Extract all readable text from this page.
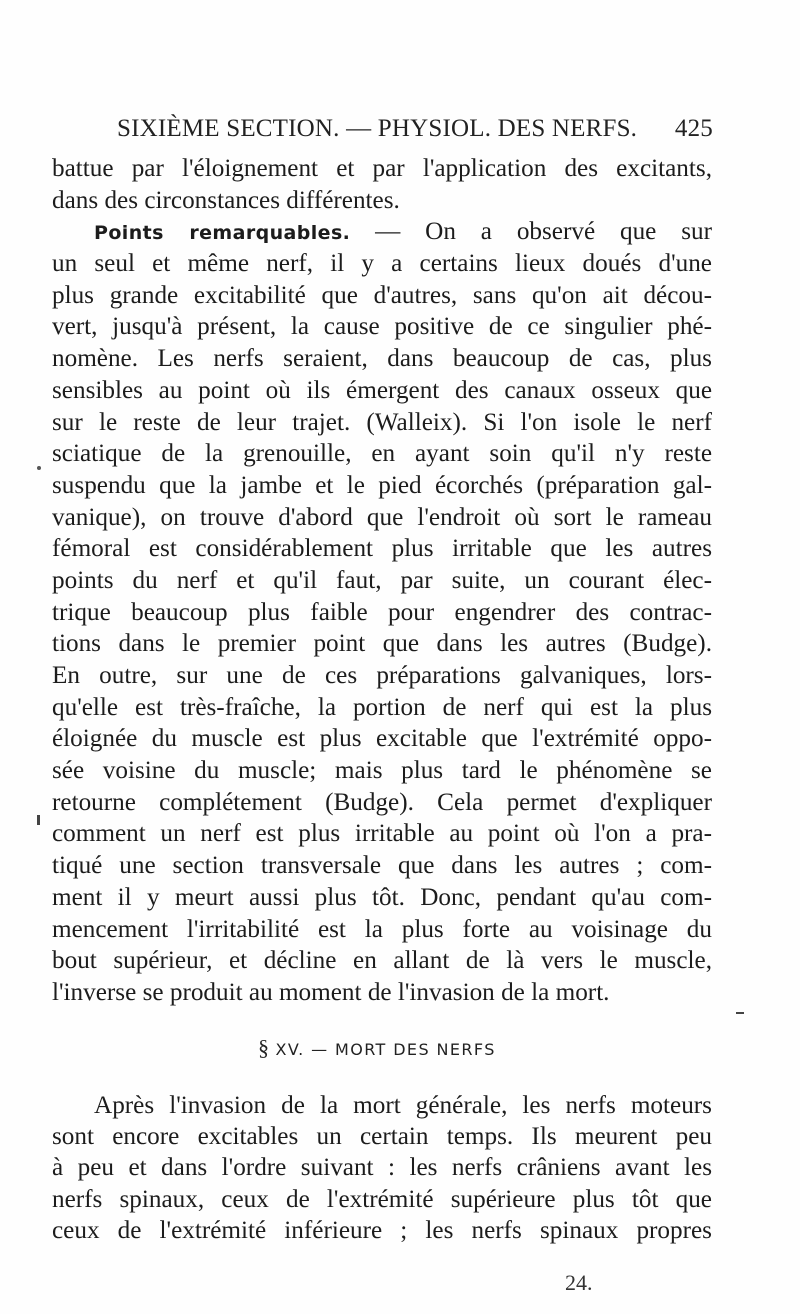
SIXIÈME SECTION. — PHYSIOL. DES NERFS. 425
battue par l'éloignement et par l'application des excitants,
dans des circonstances différentes.
Points remarquables. — On a observé que sur
un seul et même nerf, il y a certains lieux doués d'une
plus grande excitabilité que d'autres, sans qu'on ait décou-
vert, jusqu'à présent, la cause positive de ce singulier phé-
nomène. Les nerfs seraient, dans beaucoup de cas, plus
sensibles au point où ils émergent des canaux osseux que
sur le reste de leur trajet. (Walleix). Si l'on isole le nerf
sciatique de la grenouille, en ayant soin qu'il n'y reste
suspendu que la jambe et le pied écorchés (préparation gal-
vanique), on trouve d'abord que l'endroit où sort le rameau
fémoral est considérablement plus irritable que les autres
points du nerf et qu'il faut, par suite, un courant élec-
trique beaucoup plus faible pour engendrer des contrac-
tions dans le premier point que dans les autres (Budge).
En outre, sur une de ces préparations galvaniques, lors-
qu'elle est très-fraîche, la portion de nerf qui est la plus
éloignée du muscle est plus excitable que l'extrémité oppo-
sée voisine du muscle; mais plus tard le phénomène se
retourne complétement (Budge). Cela permet d'expliquer
comment un nerf est plus irritable au point où l'on a pra-
tiqué une section transversale que dans les autres ; com-
ment il y meurt aussi plus tôt. Donc, pendant qu'au com-
mencement l'irritabilité est la plus forte au voisinage du
bout supérieur, et décline en allant de là vers le muscle,
l'inverse se produit au moment de l'invasion de la mort.
§ XV. — MORT DES NERFS
Après l'invasion de la mort générale, les nerfs moteurs
sont encore excitables un certain temps. Ils meurent peu
à peu et dans l'ordre suivant : les nerfs crâniens avant les
nerfs spinaux, ceux de l'extrémité supérieure plus tôt que
ceux de l'extrémité inférieure ; les nerfs spinaux propres
24.
